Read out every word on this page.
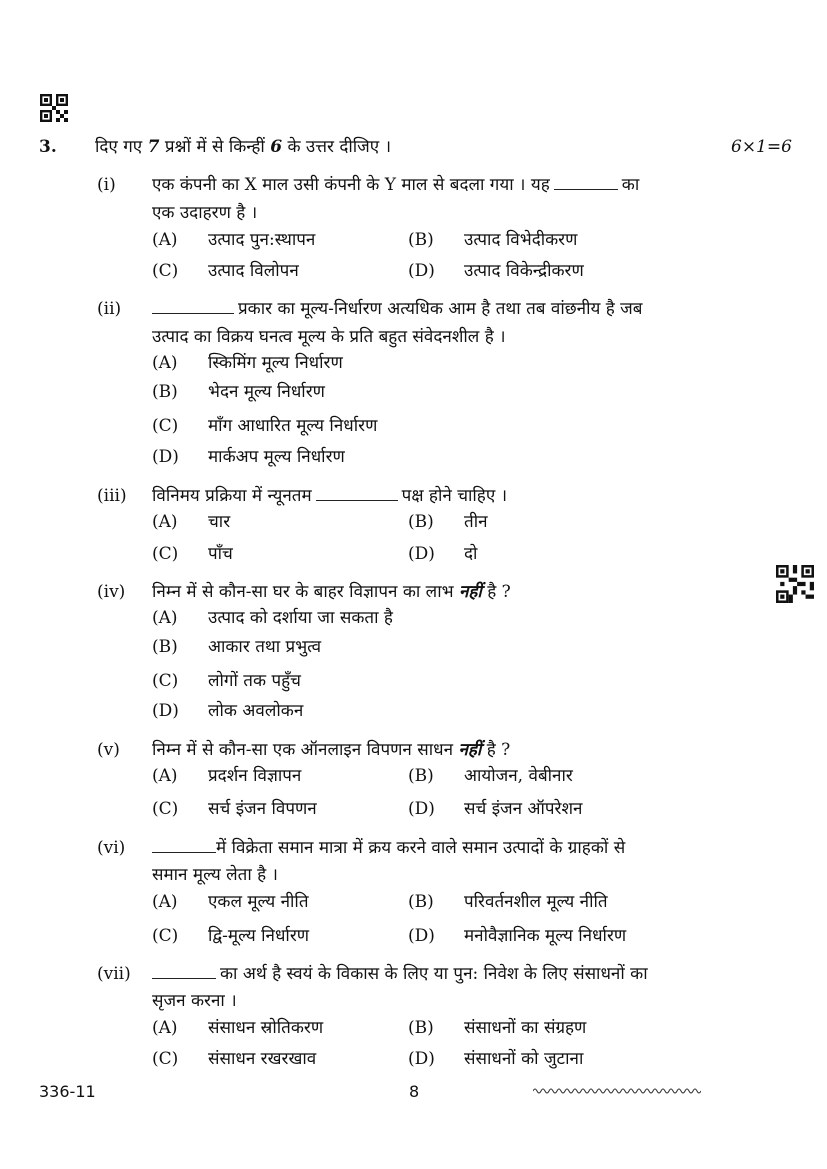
3. दिए गए 7 प्रश्नों में से किन्हीं 6 के उत्तर दीजिए ।	6×1=6
(i) एक कंपनी का X माल उसी कंपनी के Y माल से बदला गया । यह	का
एक उदाहरण है ।
(A) उत्पाद पुन:स्थापन	(B) उत्पाद विभेदीकरण
(C) उत्पाद विलोपन	(D) उत्पाद विकेन्द्रीकरण
(ii)	प्रकार का मूल्य-निर्धारण अत्यधिक आम है तथा तब वांछनीय है जब
उत्पाद का विक्रय घनत्व मूल्य के प्रति बहुत संवेदनशील है ।
(A) स्किमिंग मूल्य निर्धारण
(B) भेदन मूल्य निर्धारण
(C) माँग आधारित मूल्य निर्धारण
(D) मार्कअप मूल्य निर्धारण
(iii) विनिमय प्रक्रिया में न्यूनतम	पक्ष होने चाहिए ।
(A) चार	(B) तीन
(C) पाँच	(D) दो
(iv) निम्न में से कौन-सा घर के बाहर विज्ञापन का लाभ नहीं है ?
(A) उत्पाद को दर्शाया जा सकता है
(B) आकार तथा प्रभुत्व
(C) लोगों तक पहुँच
(D) लोक अवलोकन
(v) निम्न में से कौन-सा एक ऑनलाइन विपणन साधन नहीं है ?
(A) प्रदर्शन विज्ञापन	(B) आयोजन, वेबीनार
(C) सर्च इंजन विपणन	(D) सर्च इंजन ऑपरेशन
(vi)	में विक्रेता समान मात्रा में क्रय करने वाले समान उत्पादों के ग्राहकों से
समान मूल्य लेता है ।
(A) एकल मूल्य नीति	(B) परिवर्तनशील मूल्य नीति
(C) द्वि-मूल्य निर्धारण	(D) मनोवैज्ञानिक मूल्य निर्धारण
(vii)	का अर्थ है स्वयं के विकास के लिए या पुन: निवेश के लिए संसाधनों का
सृजन करना ।
(A) संसाधन स्रोतिकरण	(B) संसाधनों का संग्रहण
(C) संसाधन रखरखाव	(D) संसाधनों को जुटाना
336-11	8
